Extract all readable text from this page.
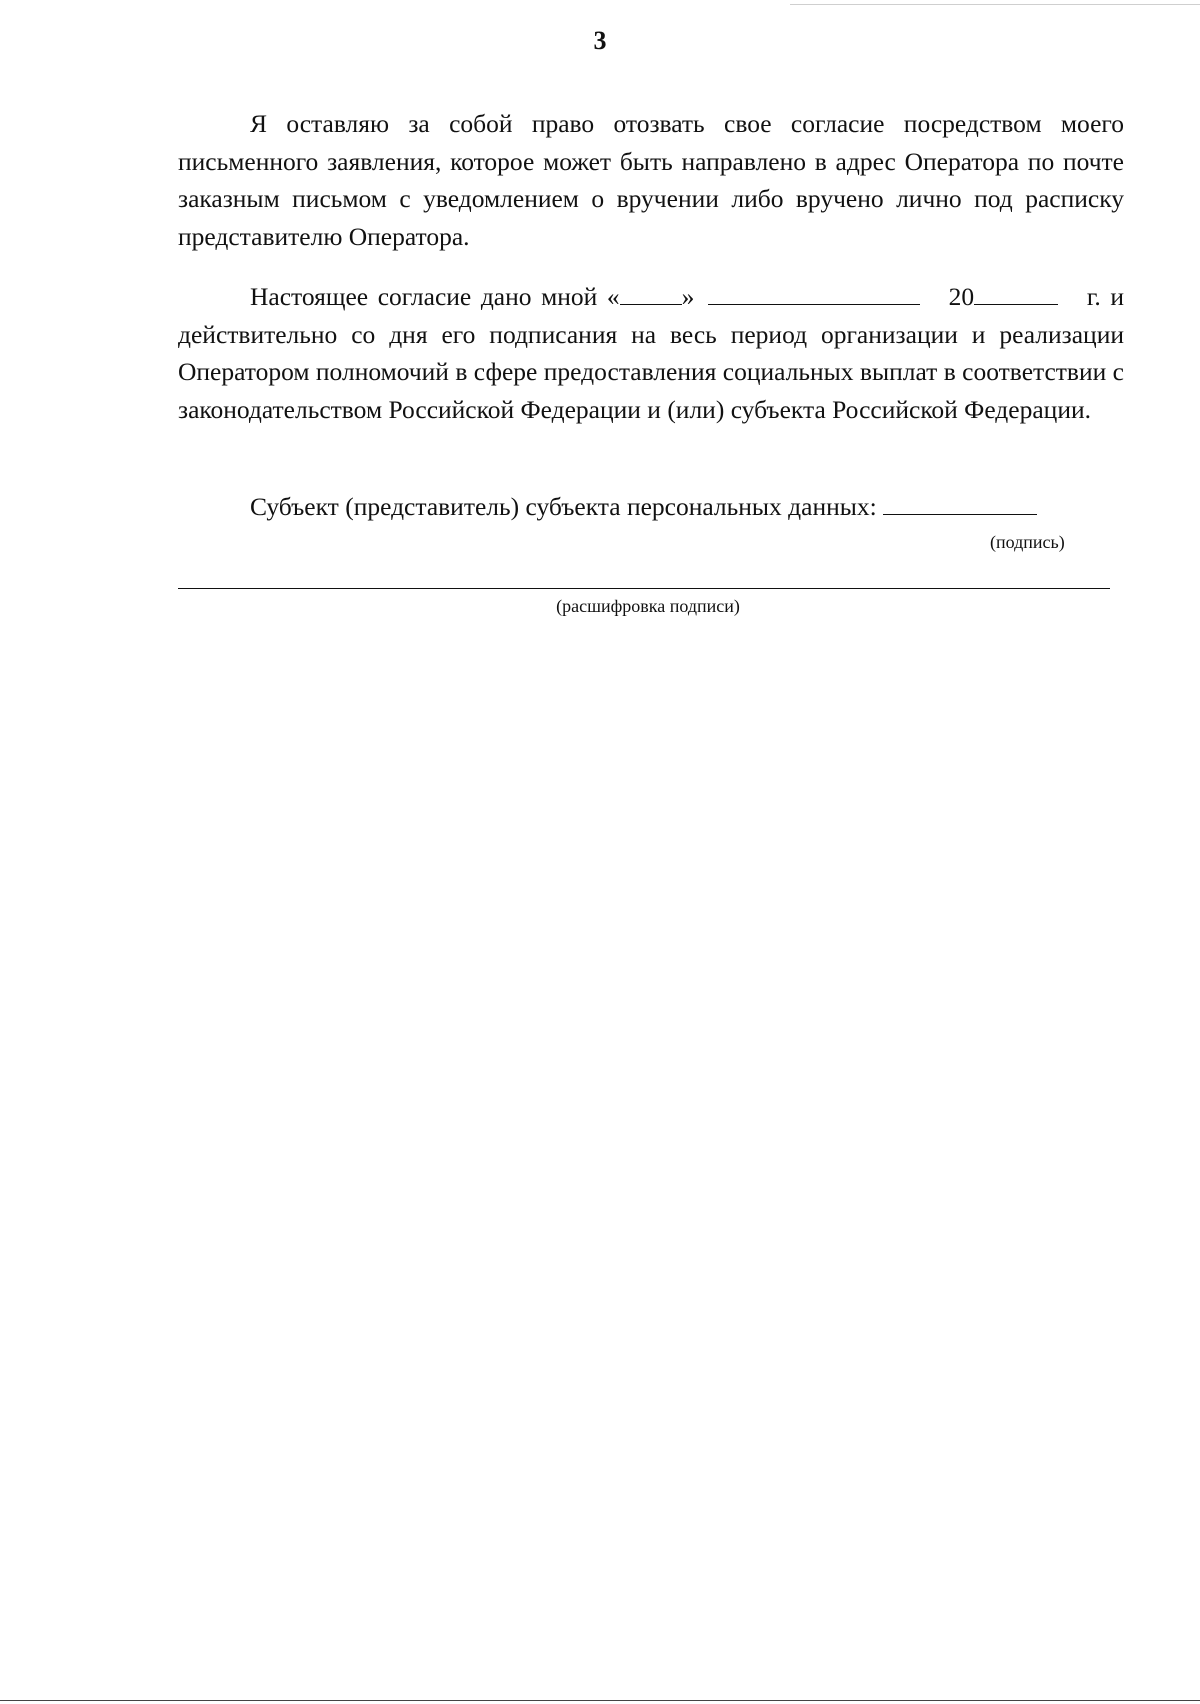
3

Я оставляю за собой право отозвать свое согласие посредством моего письменного заявления, которое может быть направлено в адрес Оператора по почте заказным письмом с уведомлением о вручении либо вручено лично под расписку представителю Оператора.

Настоящее согласие дано мной « »	20	г. и действительно со дня его подписания на весь период организации и реализации Оператором полномочий в сфере предоставления социальных выплат в соответствии с законодательством Российской Федерации и (или) субъекта Российской Федерации.

Субъект (представитель) субъекта персональных данных:
(подпись)
(расшифровка подписи)
